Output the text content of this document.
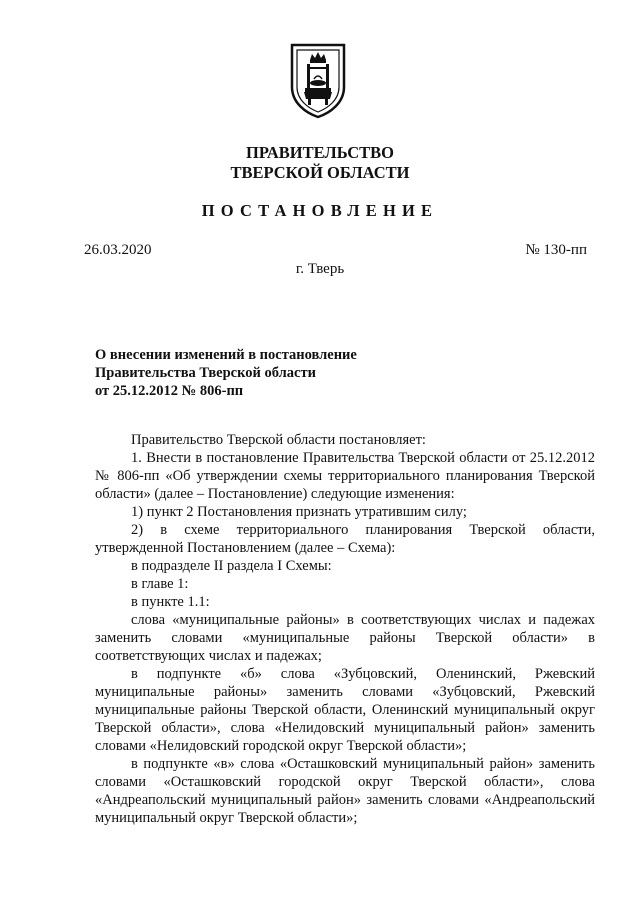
ПРАВИТЕЛЬСТВО
ТВЕРСКОЙ ОБЛАСТИ
ПОСТАНОВЛЕНИЕ
26.03.2020	№ 130-пп
г. Тверь
О внесении изменений в постановление
Правительства Тверской области
от 25.12.2012 № 806-пп

Правительство Тверской области постановляет:

1. Внести в постановление Правительства Тверской области от 25.12.2012 № 806-пп «Об утверждении схемы территориального планирования Тверской области» (далее – Постановление) следующие изменения:

1) пункт 2 Постановления признать утратившим силу;

2) в схеме территориального планирования Тверской области, утвержденной Постановлением (далее – Схема):

в подразделе II раздела I Схемы:

в главе 1:

в пункте 1.1:

слова «муниципальные районы» в соответствующих числах и падежах заменить словами «муниципальные районы Тверской области» в соответствующих числах и падежах;

в подпункте «б» слова «Зубцовский, Оленинский, Ржевский муниципальные районы» заменить словами «Зубцовский, Ржевский муниципальные районы Тверской области, Оленинский муниципальный округ Тверской области», слова «Нелидовский муниципальный район» заменить словами «Нелидовский городской округ Тверской области»;

в подпункте «в» слова «Осташковский муниципальный район» заменить словами «Осташковский городской округ Тверской области», слова «Андреапольский муниципальный район» заменить словами «Андреапольский муниципальный округ Тверской области»;
